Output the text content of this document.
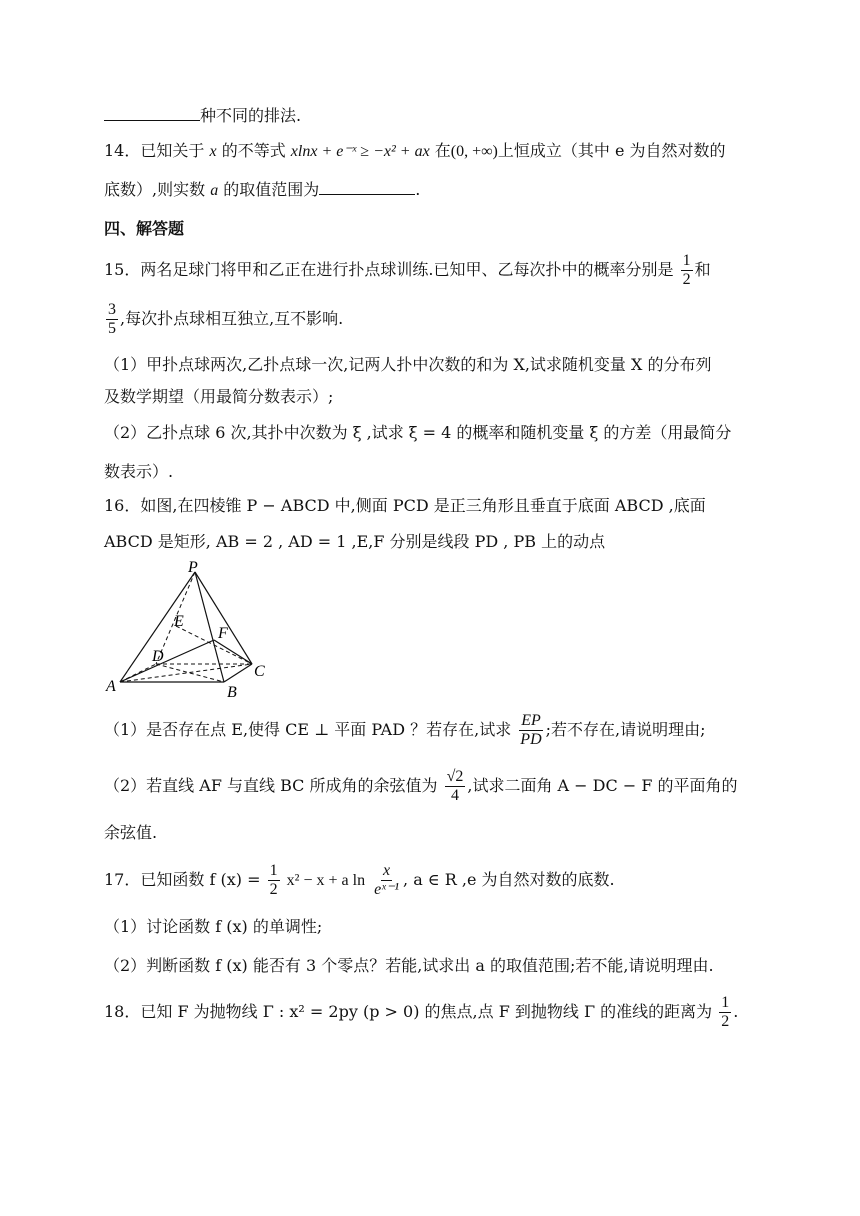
种不同的排法.
14．已知关于 x 的不等式 xlnx + e⁻ˣ ≥ −x² + ax 在(0, +∞)上恒成立（其中 e 为自然对数的
底数）,则实数 a 的取值范围为	.
四、解答题
15．两名足球门将甲和乙正在进行扑点球训练.已知甲、乙每次扑中的概率分别是 $\frac{1}{2}$ 和
$\frac{3}{5}$ ,每次扑点球相互独立,互不影响.
（1）甲扑点球两次,乙扑点球一次,记两人扑中次数的和为 X,试求随机变量 X 的分布列
及数学期望（用最简分数表示）;
（2）乙扑点球 6 次,其扑中次数为 ξ ,试求 ξ = 4 的概率和随机变量 ξ 的方差（用最简分
数表示）.
16．如图,在四棱锥 P − ABCD 中,侧面 PCD 是正三角形且垂直于底面 ABCD ,底面
ABCD 是矩形, AB = 2 , AD = 1 ,E,F 分别是线段 PD , PB 上的动点
P
E
F
D
C
A	B
（1）是否存在点 E,使得 CE ⊥ 平面 PAD ？若存在,试求 $\frac{EP}{PD}$ ;若不存在,请说明理由;
（2）若直线 AF 与直线 BC 所成角的余弦值为 $\frac{√2}{4}$ ,试求二面角 A − DC − F 的平面角的
余弦值.
17．已知函数 f $(x) = \frac{1}{2} x^2 - x + a$ $\ln \frac{x}{\text{eˣ⁻¹}}$ , a ∈ R ,e 为自然对数的底数.
（1）讨论函数 f (x) 的单调性;
（2）判断函数 f (x) 能否有 3 个零点？若能,试求出 a 的取值范围;若不能,请说明理由.
18．已知 F 为抛物线 Γ : x² = 2py (p > 0) 的焦点,点 F 到抛物线 Γ 的准线的距离为 $\frac{1}{2}$ .
